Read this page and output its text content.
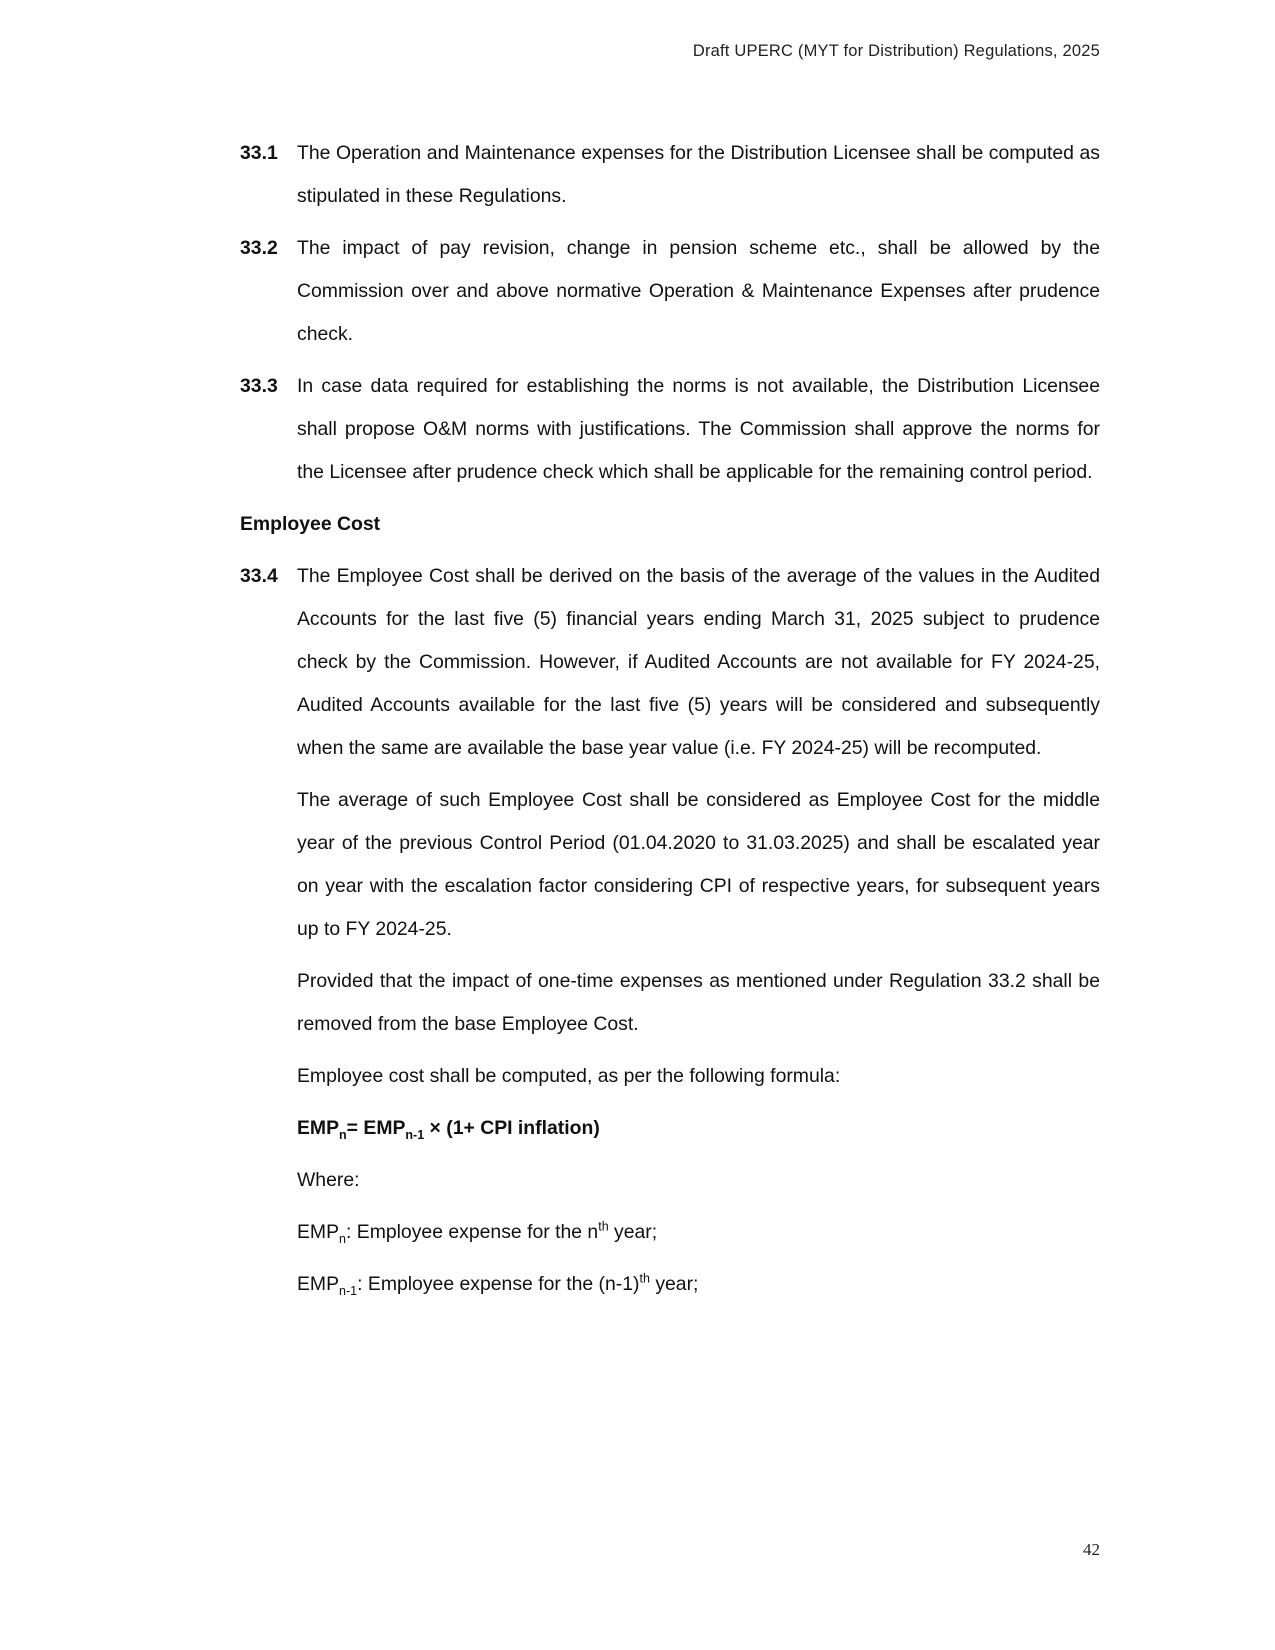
Draft UPERC (MYT for Distribution) Regulations, 2025
33.1 The Operation and Maintenance expenses for the Distribution Licensee shall be computed as stipulated in these Regulations.
33.2 The impact of pay revision, change in pension scheme etc., shall be allowed by the Commission over and above normative Operation & Maintenance Expenses after prudence check.
33.3 In case data required for establishing the norms is not available, the Distribution Licensee shall propose O&M norms with justifications. The Commission shall approve the norms for the Licensee after prudence check which shall be applicable for the remaining control period.
Employee Cost
33.4 The Employee Cost shall be derived on the basis of the average of the values in the Audited Accounts for the last five (5) financial years ending March 31, 2025 subject to prudence check by the Commission. However, if Audited Accounts are not available for FY 2024-25, Audited Accounts available for the last five (5) years will be considered and subsequently when the same are available the base year value (i.e. FY 2024-25) will be recomputed.
The average of such Employee Cost shall be considered as Employee Cost for the middle year of the previous Control Period (01.04.2020 to 31.03.2025) and shall be escalated year on year with the escalation factor considering CPI of respective years, for subsequent years up to FY 2024-25.
Provided that the impact of one-time expenses as mentioned under Regulation 33.2 shall be removed from the base Employee Cost.
Employee cost shall be computed, as per the following formula:
$EMP_n= EMP_{n-1} \times (1+$ CPI inflation)
Where:
$EMP_n$: Employee expense for the $n^{th}$ year;
$EMP_{n-1}$: Employee expense for the $(n-1)^{th}$ year;
42
